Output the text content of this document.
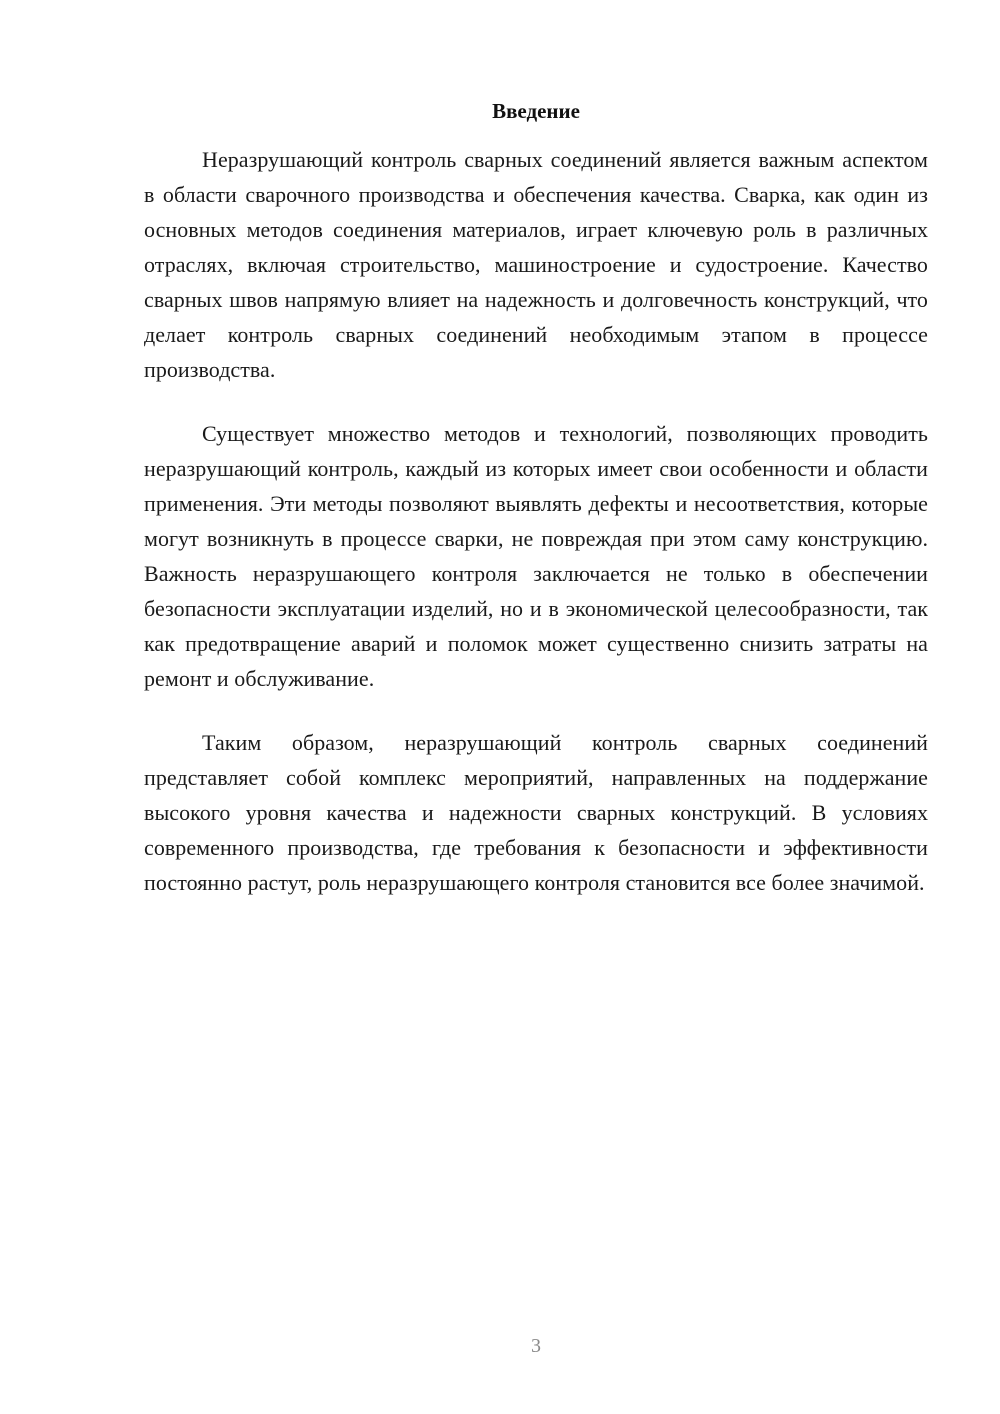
Введение

Неразрушающий контроль сварных соединений является важным аспектом в области сварочного производства и обеспечения качества. Сварка, как один из основных методов соединения материалов, играет ключевую роль в различных отраслях, включая строительство, машиностроение и судостроение. Качество сварных швов напрямую влияет на надежность и долговечность конструкций, что делает контроль сварных соединений необходимым этапом в процессе производства.

Существует множество методов и технологий, позволяющих проводить неразрушающий контроль, каждый из которых имеет свои особенности и области применения. Эти методы позволяют выявлять дефекты и несоответствия, которые могут возникнуть в процессе сварки, не повреждая при этом саму конструкцию. Важность неразрушающего контроля заключается не только в обеспечении безопасности эксплуатации изделий, но и в экономической целесообразности, так как предотвращение аварий и поломок может существенно снизить затраты на ремонт и обслуживание.

Таким образом, неразрушающий контроль сварных соединений представляет собой комплекс мероприятий, направленных на поддержание высокого уровня качества и надежности сварных конструкций. В условиях современного производства, где требования к безопасности и эффективности постоянно растут, роль неразрушающего контроля становится все более значимой.

3
